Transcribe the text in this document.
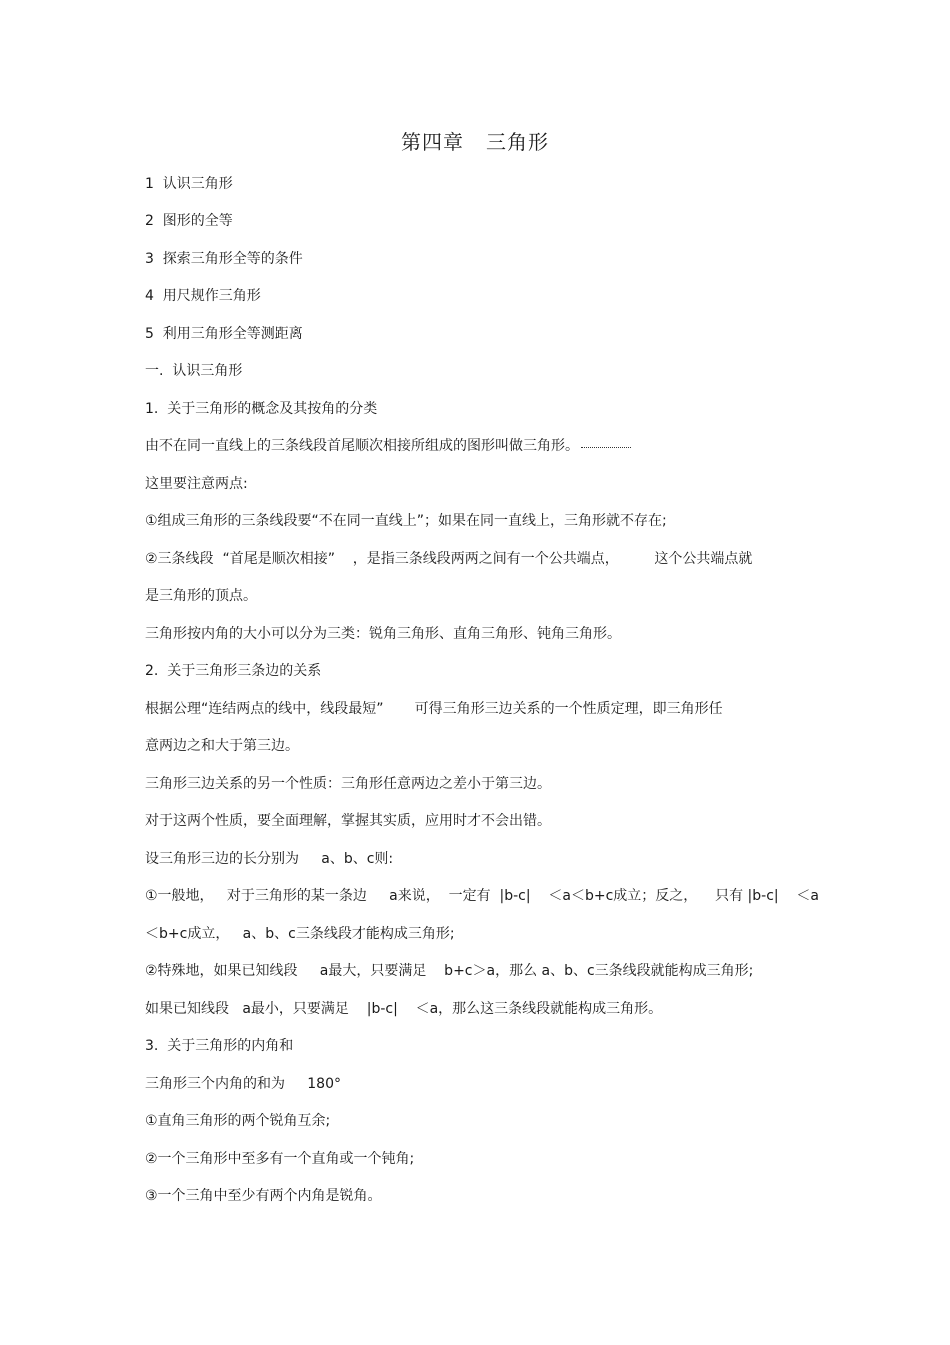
第四章   三角形
1  认识三角形
2  图形的全等
3  探索三角形全等的条件
4  用尺规作三角形
5  利用三角形全等测距离
一.  认识三角形
1.  关于三角形的概念及其按角的分类
由不在同一直线上的三条线段首尾顺次相接所组成的图形叫做三角形。
这里要注意两点:
①组成三角形的三条线段要“不在同一直线上”；如果在同一直线上，三角形就不存在;
②三条线段  “首尾是顺次相接”    ，是指三条线段两两之间有一个公共端点，        这个公共端点就
是三角形的顶点。
三角形按内角的大小可以分为三类：锐角三角形、直角三角形、钝角三角形。
2.  关于三角形三条边的关系
根据公理“连结两点的线中，线段最短”       可得三角形三边关系的一个性质定理，即三角形任
意两边之和大于第三边。
三角形三边关系的另一个性质：三角形任意两边之差小于第三边。
对于这两个性质，要全面理解，掌握其实质，应用时才不会出错。
设三角形三边的长分别为     a、b、c则:
①一般地，   对于三角形的某一条边     a来说，  一定有  |b-c|    ＜a＜b+c成立；反之，    只有 |b-c|    ＜a
＜b+c成立，   a、b、c三条线段才能构成三角形;
②特殊地，如果已知线段     a最大，只要满足    b+c＞a，那么 a、b、c三条线段就能构成三角形;
如果已知线段   a最小，只要满足    |b-c|    ＜a，那么这三条线段就能构成三角形。
3.  关于三角形的内角和
三角形三个内角的和为     180°
①直角三角形的两个锐角互余;
②一个三角形中至多有一个直角或一个钝角;
③一个三角中至少有两个内角是锐角。
